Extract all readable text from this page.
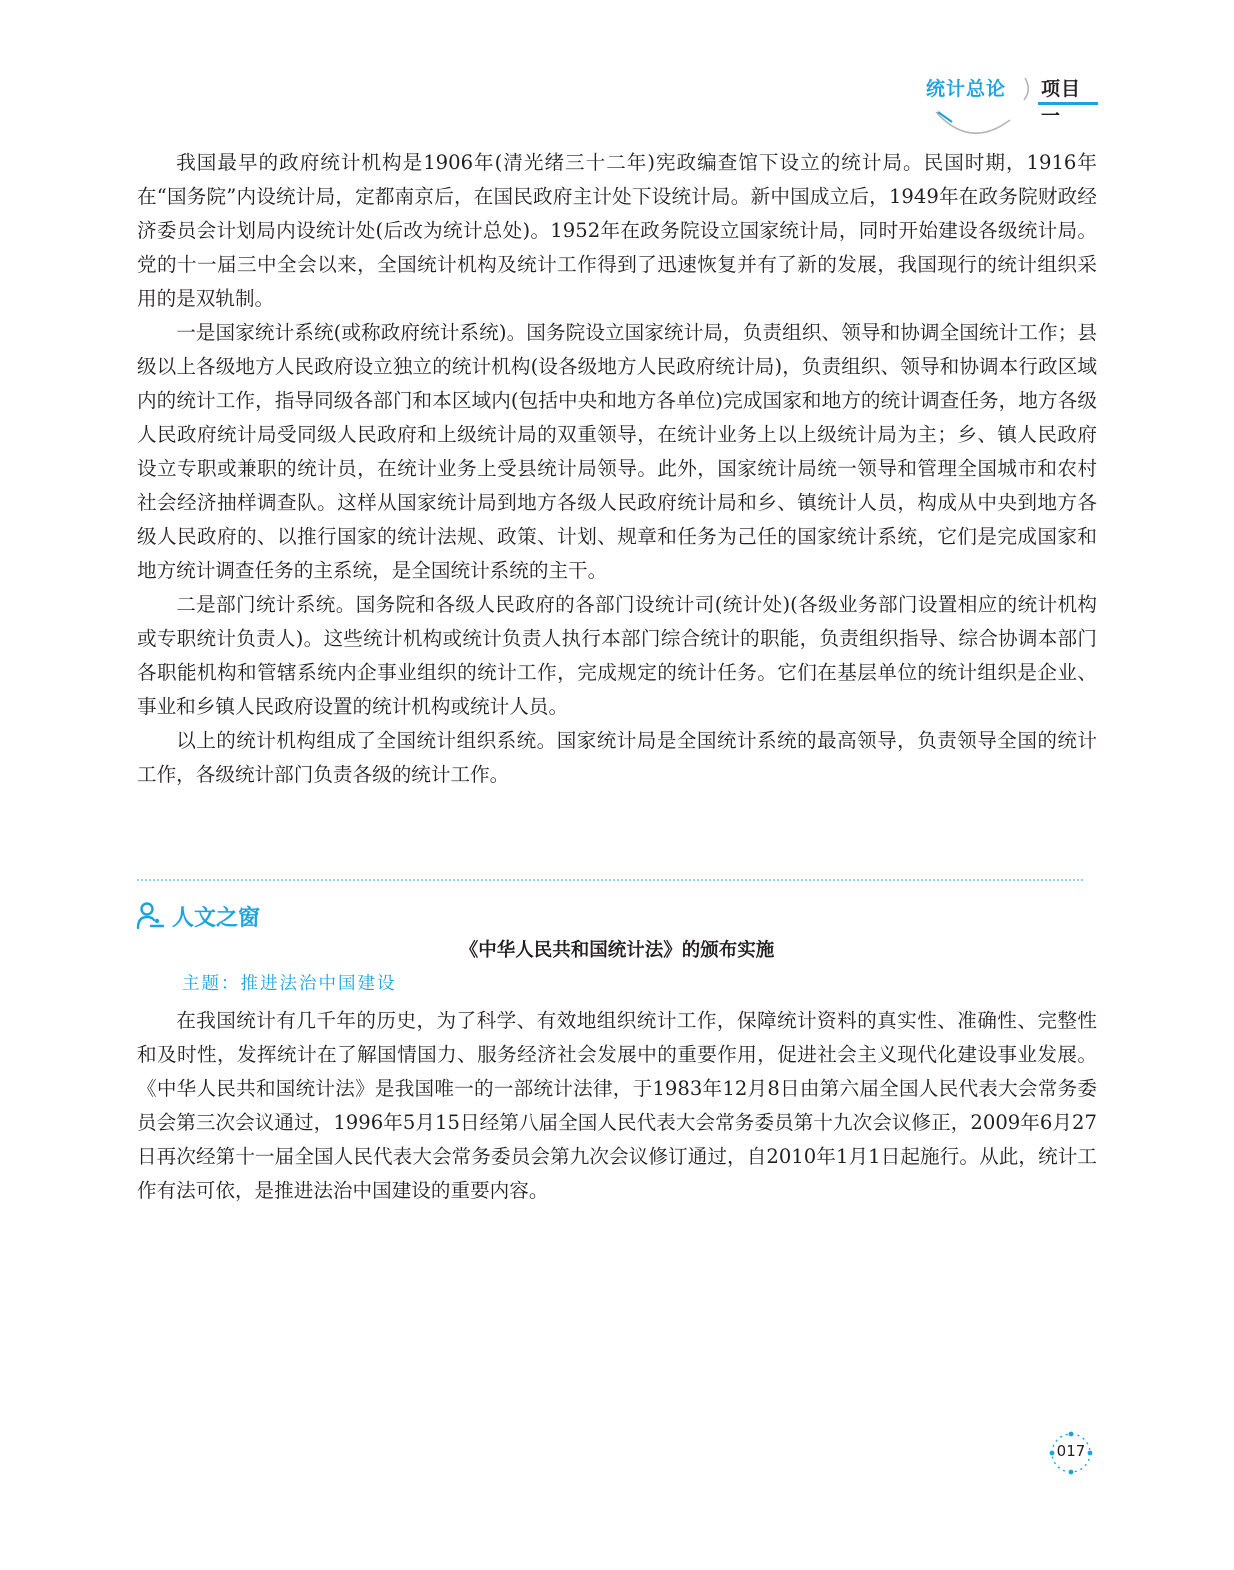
统计总论 项目一

我国最早的政府统计机构是1906年(清光绪三十二年)宪政编查馆下设立的统计局。民国时期，1916年在“国务院”内设统计局，定都南京后，在国民政府主计处下设统计局。新中国成立后，1949年在政务院财政经济委员会计划局内设统计处(后改为统计总处)。1952年在政务院设立国家统计局，同时开始建设各级统计局。党的十一届三中全会以来，全国统计机构及统计工作得到了迅速恢复并有了新的发展，我国现行的统计组织采用的是双轨制。

一是国家统计系统(或称政府统计系统)。国务院设立国家统计局，负责组织、领导和协调全国统计工作；县级以上各级地方人民政府设立独立的统计机构(设各级地方人民政府统计局)，负责组织、领导和协调本行政区域内的统计工作，指导同级各部门和本区域内(包括中央和地方各单位)完成国家和地方的统计调查任务，地方各级人民政府统计局受同级人民政府和上级统计局的双重领导，在统计业务上以上级统计局为主；乡、镇人民政府设立专职或兼职的统计员，在统计业务上受县统计局领导。此外，国家统计局统一领导和管理全国城市和农村社会经济抽样调查队。这样从国家统计局到地方各级人民政府统计局和乡、镇统计人员，构成从中央到地方各级人民政府的、以推行国家的统计法规、政策、计划、规章和任务为己任的国家统计系统，它们是完成国家和地方统计调查任务的主系统，是全国统计系统的主干。

二是部门统计系统。国务院和各级人民政府的各部门设统计司(统计处)(各级业务部门设置相应的统计机构或专职统计负责人)。这些统计机构或统计负责人执行本部门综合统计的职能，负责组织指导、综合协调本部门各职能机构和管辖系统内企事业组织的统计工作，完成规定的统计任务。它们在基层单位的统计组织是企业、事业和乡镇人民政府设置的统计机构或统计人员。

以上的统计机构组成了全国统计组织系统。国家统计局是全国统计系统的最高领导，负责领导全国的统计工作，各级统计部门负责各级的统计工作。

人文之窗
《中华人民共和国统计法》的颁布实施
主题：推进法治中国建设

在我国统计有几千年的历史，为了科学、有效地组织统计工作，保障统计资料的真实性、准确性、完整性和及时性，发挥统计在了解国情国力、服务经济社会发展中的重要作用，促进社会主义现代化建设事业发展。《中华人民共和国统计法》是我国唯一的一部统计法律，于1983年12月8日由第六届全国人民代表大会常务委员会第三次会议通过，1996年5月15日经第八届全国人民代表大会常务委员第十九次会议修正，2009年6月27日再次经第十一届全国人民代表大会常务委员会第九次会议修订通过，自2010年1月1日起施行。从此，统计工作有法可依，是推进法治中国建设的重要内容。

017
